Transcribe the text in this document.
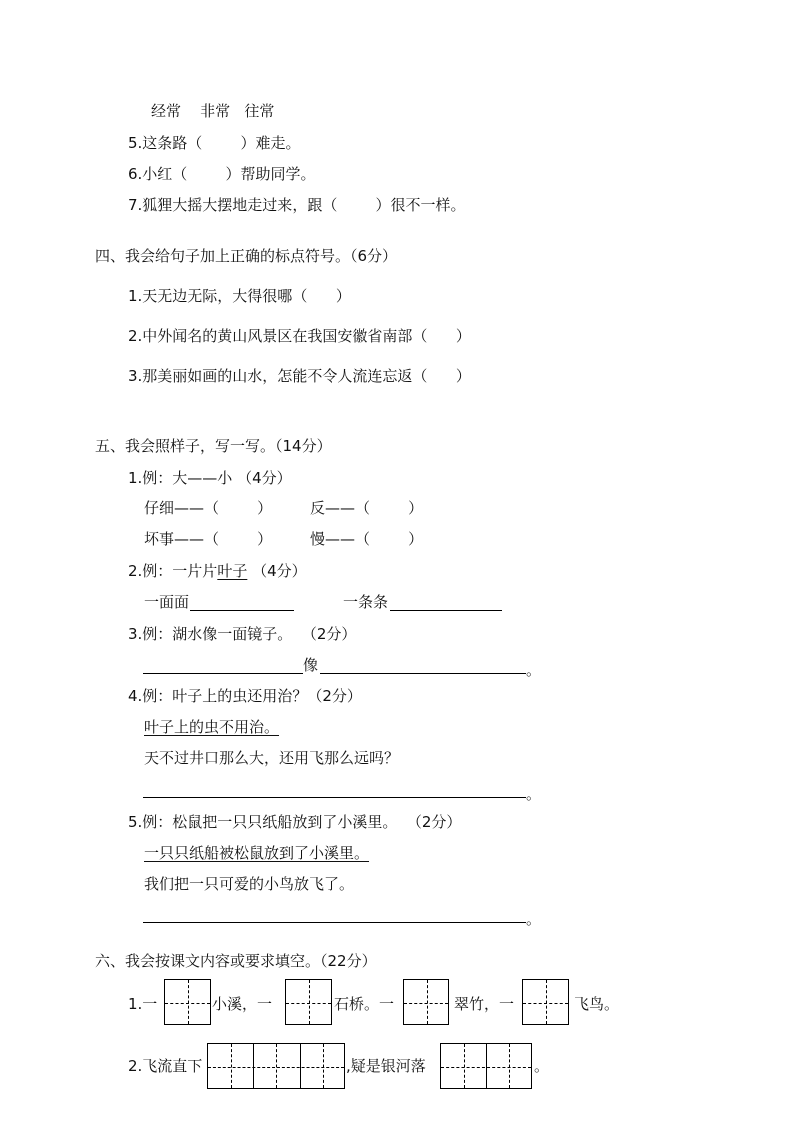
经常    非常   往常
5.这条路（        ）难走。
6.小红（        ）帮助同学。
7.狐狸大摇大摆地走过来，跟（        ）很不一样。
四、我会给句子加上正确的标点符号。（6分）
1.天无边无际，大得很哪（      ）
2.中外闻名的黄山风景区在我国安徽省南部（      ）
3.那美丽如画的山水，怎能不令人流连忘返（      ）
五、我会照样子，写一写。（14分）
1.例：大——小 （4分）
仔细——（        ）	反——（        ）
坏事——（        ）	慢——（        ）
2.例：一片片叶子 （4分）
一面面	一条条
3.例：湖水像一面镜子。  （2分）
像	。
4.例：叶子上的虫还用治？（2分）
叶子上的虫不用治。
天不过井口那么大，还用飞那么远吗？
。
5.例：松鼠把一只只纸船放到了小溪里。  （2分）
一只只纸船被松鼠放到了小溪里。
我们把一只可爱的小鸟放飞了。
。
六、我会按课文内容或要求填空。（22分）
1.一	小溪，一	石桥。一	翠竹，一	飞鸟。
2.飞流直下	,疑是银河落	。
